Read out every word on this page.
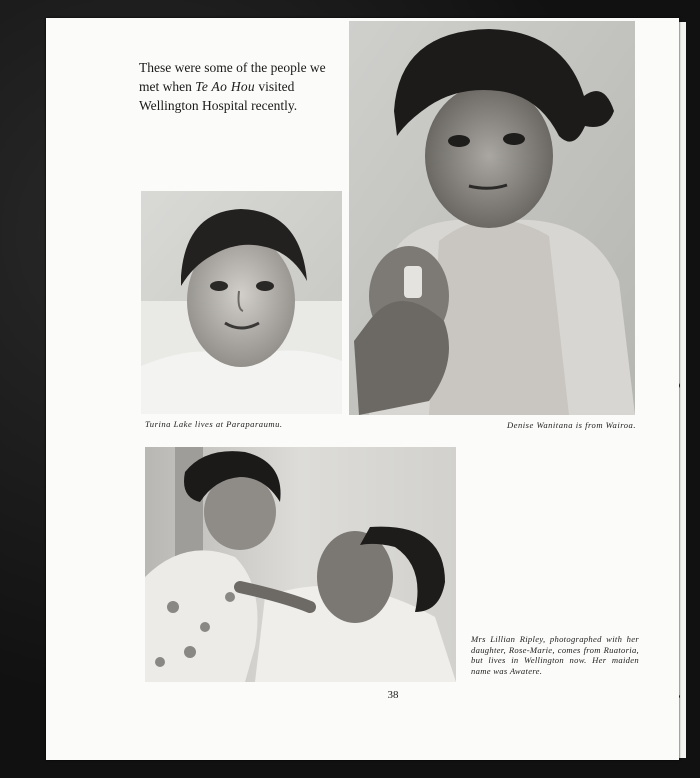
These were some of the people we met when Te Ao Hou visited Wellington Hospital recently.

Turina Lake lives at Paraparaumu.	Denise Wanitana is from Wairoa.
Mrs Lillian Ripley, photographed with her daughter, Rose-Marie, comes from Ruatoria, but lives in Wellington now. Her maiden name was Awatere.
38
